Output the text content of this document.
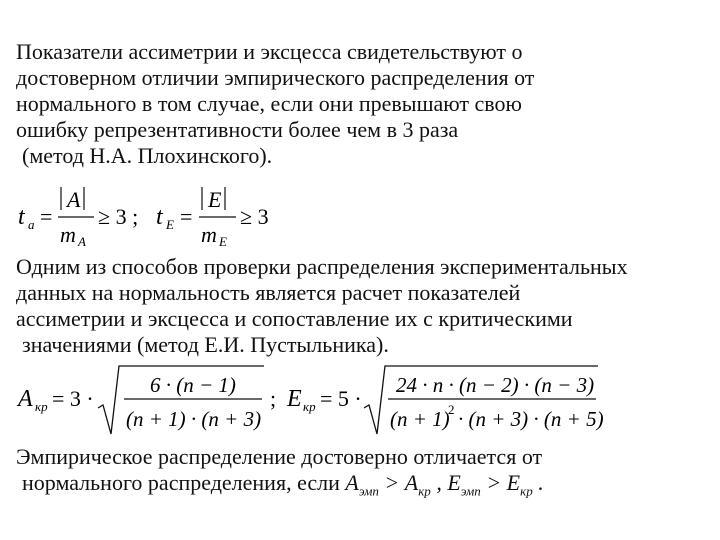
Показатели ассиметрии и эксцесса свидетельствуют о
достоверном отличии эмпирического распределения от
нормального в том случае, если они превышают свою
ошибку репрезентативности более чем в 3 раза
(метод Н.А. Плохинского).
t a =
A
m A
≥ 3 ; t E =
E
m E
≥ 3
Одним из способов проверки распределения экспериментальных
данных на нормальность является расчет показателей
ассиметрии и эксцесса и сопоставление их с критическими
значениями (метод Е.И. Пустыльника).
A кр = 3 ·
6 · (n − 1)
(n + 1) · (n + 3)
; E кр = 5 ·
24 · n · (n − 2) · (n − 3)
(n + 1)
2 · (n + 3) · (n + 5)
Эмпирическое распределение достоверно отличается от
нормального распределения, если $A_{эмп} > A_{кр}$ , $E_{эмп} > E_{кр}$ .
